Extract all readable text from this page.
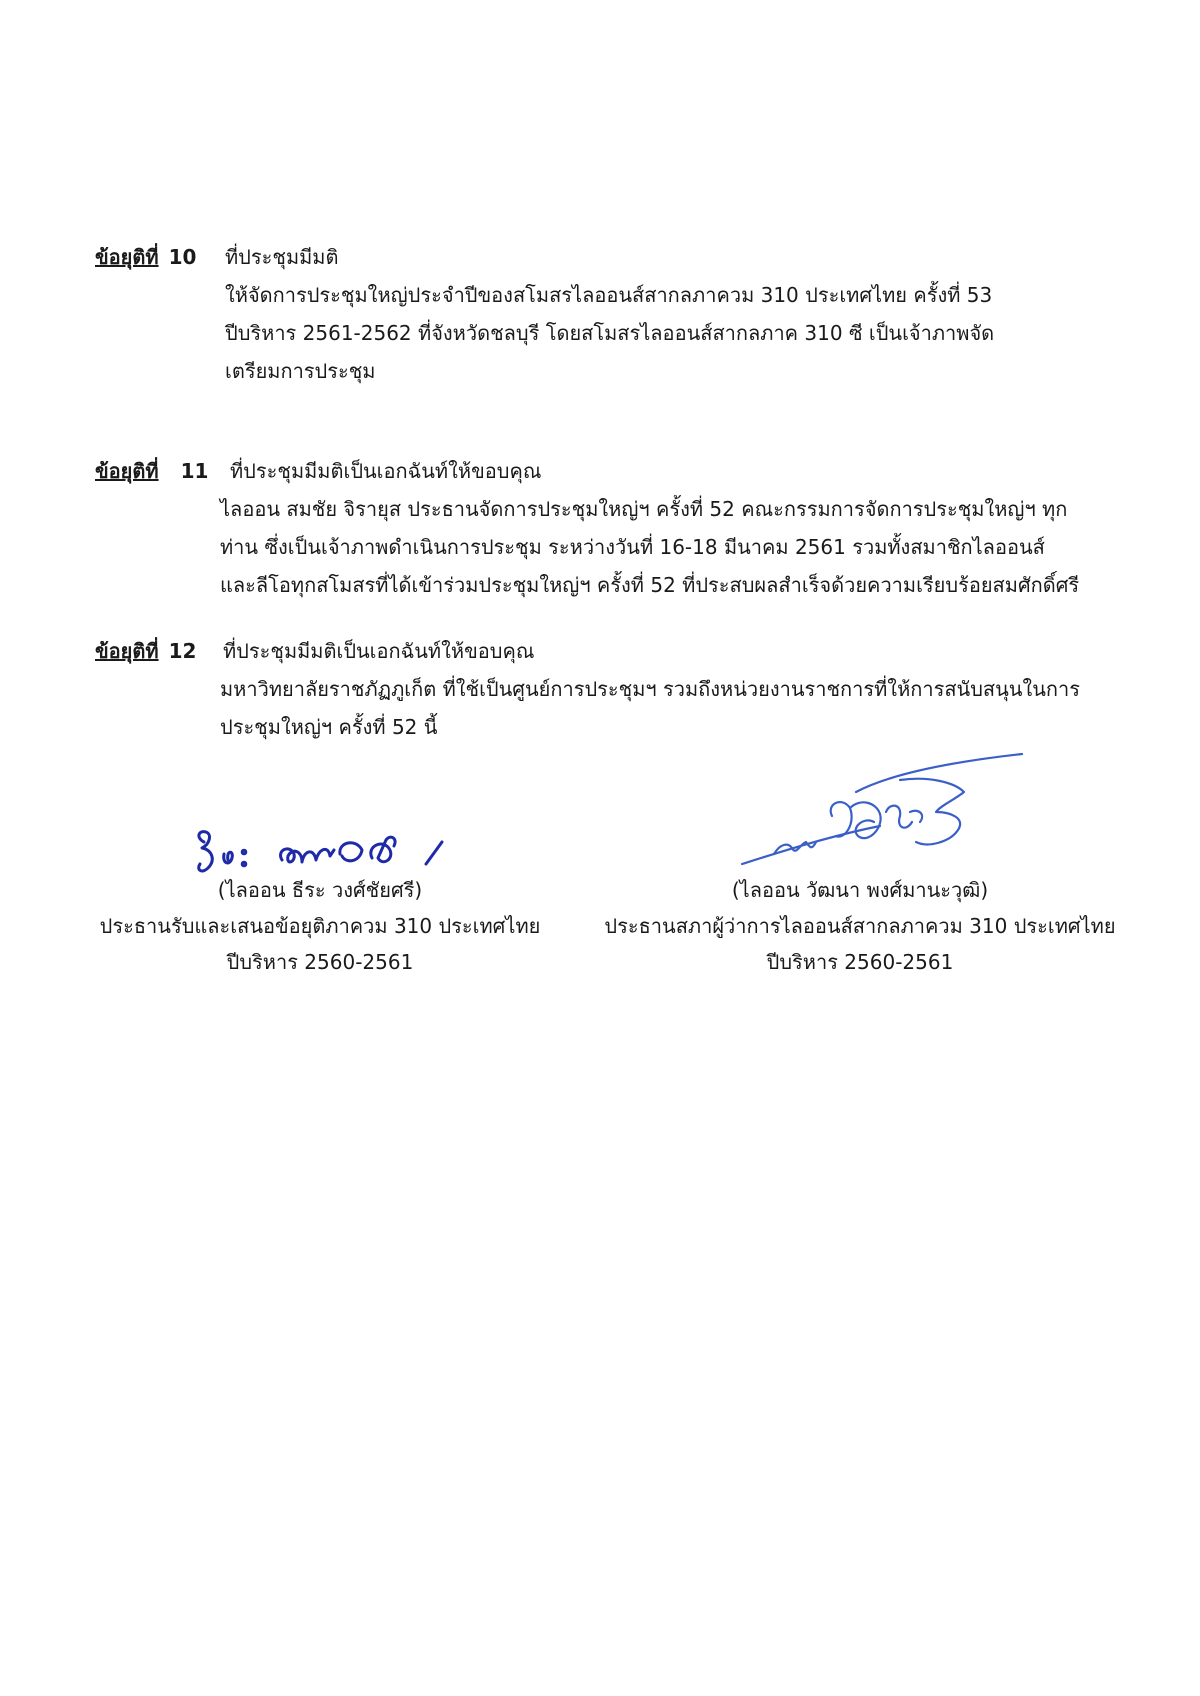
ข้อยุติที่ 10 ที่ประชุมมีมติ
ให้จัดการประชุมใหญ่ประจำปีของสโมสรไลออนส์สากลภาควม 310 ประเทศไทย ครั้งที่ 53
ปีบริหาร 2561-2562 ที่จังหวัดชลบุรี โดยสโมสรไลออนส์สากลภาค 310 ซี เป็นเจ้าภาพจัด
เตรียมการประชุม
ข้อยุติที่ 11 ที่ประชุมมีมติเป็นเอกฉันท์ให้ขอบคุณ
ไลออน สมชัย จิรายุส ประธานจัดการประชุมใหญ่ฯ ครั้งที่ 52 คณะกรรมการจัดการประชุมใหญ่ฯ ทุก
ท่าน ซึ่งเป็นเจ้าภาพดำเนินการประชุม ระหว่างวันที่ 16-18 มีนาคม 2561 รวมทั้งสมาชิกไลออนส์
และลีโอทุกสโมสรที่ได้เข้าร่วมประชุมใหญ่ฯ ครั้งที่ 52 ที่ประสบผลสำเร็จด้วยความเรียบร้อยสมศักดิ์ศรี
ข้อยุติที่ 12 ที่ประชุมมีมติเป็นเอกฉันท์ให้ขอบคุณ
มหาวิทยาลัยราชภัฏภูเก็ต ที่ใช้เป็นศูนย์การประชุมฯ รวมถึงหน่วยงานราชการที่ให้การสนับสนุนในการ
ประชุมใหญ่ฯ ครั้งที่ 52 นี้
(ไลออน ธีระ วงศ์ชัยศรี)
ประธานรับและเสนอข้อยุติภาควม 310 ประเทศไทย
ปีบริหาร 2560-2561
(ไลออน วัฒนา พงศ์มานะวุฒิ)
ประธานสภาผู้ว่าการไลออนส์สากลภาควม 310 ประเทศไทย
ปีบริหาร 2560-2561
